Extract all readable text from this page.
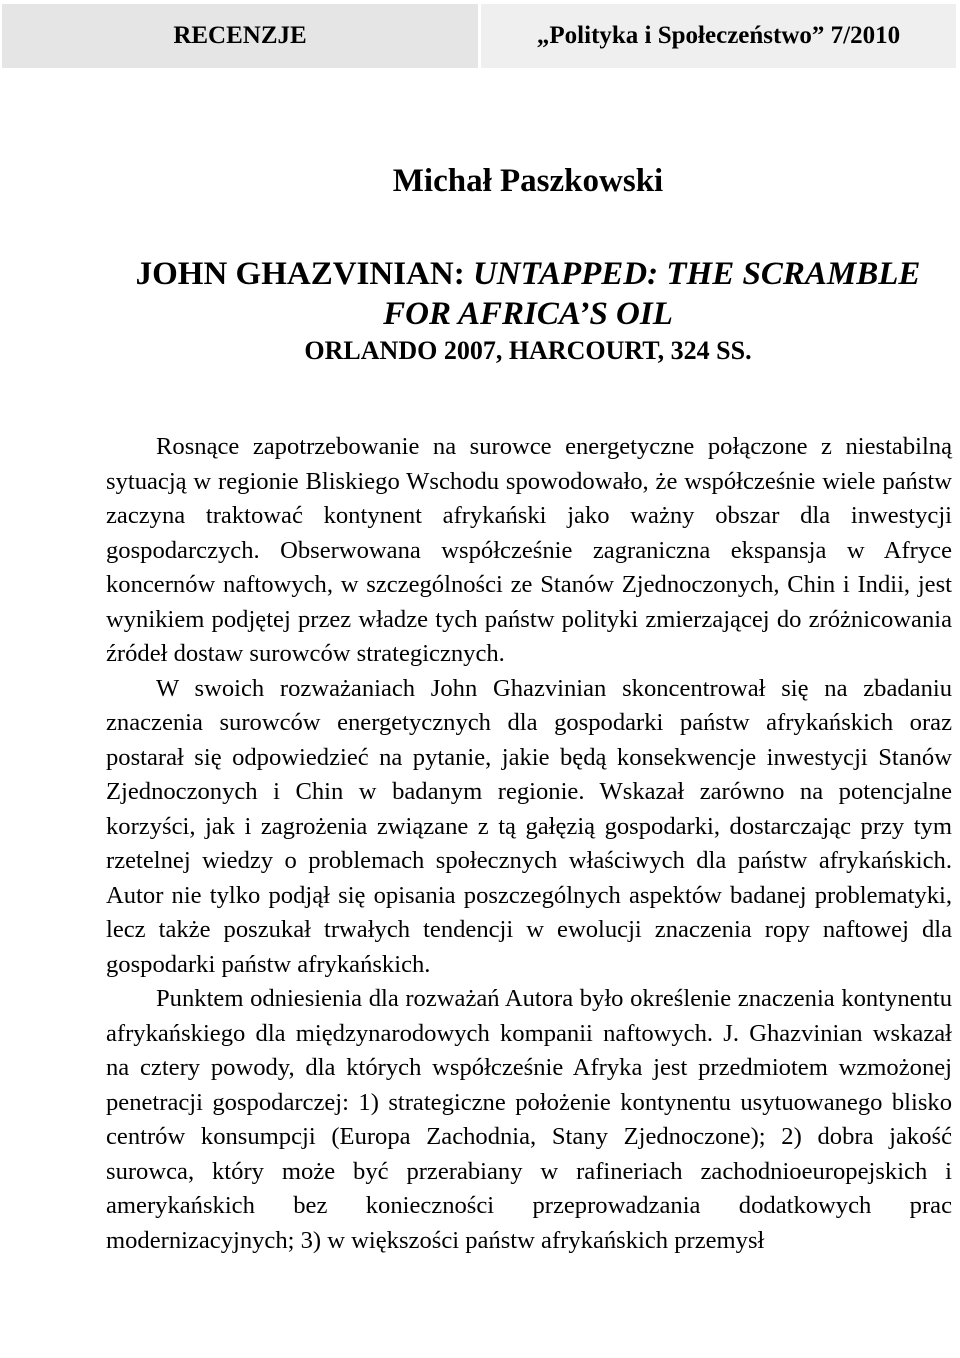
RECENZJE	„Polityka i Społeczeństwo” 7/2010
Michał Paszkowski
JOHN GHAZVINIAN: UNTAPPED: THE SCRAMBLE
FOR AFRICA’S OIL
ORLANDO 2007, HARCOURT, 324 SS.

Rosnące zapotrzebowanie na surowce energetyczne połączone z niestabilną sytuacją w regionie Bliskiego Wschodu spowodowało, że współcześnie wiele państw zaczyna traktować kontynent afrykański jako ważny obszar dla inwestycji gospodarczych. Obserwowana współcześnie zagraniczna ekspansja w Afryce koncernów naftowych, w szczególności ze Stanów Zjednoczonych, Chin i Indii, jest wynikiem podjętej przez władze tych państw polityki zmierzającej do zróżnicowania źródeł dostaw surowców strategicznych.

W swoich rozważaniach John Ghazvinian skoncentrował się na zbadaniu znaczenia surowców energetycznych dla gospodarki państw afrykańskich oraz postarał się odpowiedzieć na pytanie, jakie będą konsekwencje inwestycji Stanów Zjednoczonych i Chin w badanym regionie. Wskazał zarówno na potencjalne korzyści, jak i zagrożenia związane z tą gałęzią gospodarki, dostarczając przy tym rzetelnej wiedzy o problemach społecznych właściwych dla państw afrykańskich. Autor nie tylko podjął się opisania poszczególnych aspektów badanej problematyki, lecz także poszukał trwałych tendencji w ewolucji znaczenia ropy naftowej dla gospodarki państw afrykańskich.

Punktem odniesienia dla rozważań Autora było określenie znaczenia kontynentu afrykańskiego dla międzynarodowych kompanii naftowych. J. Ghazvinian wskazał na cztery powody, dla których współcześnie Afryka jest przedmiotem wzmożonej penetracji gospodarczej: 1) strategiczne położenie kontynentu usytuowanego blisko centrów konsumpcji (Europa Zachodnia, Stany Zjednoczone); 2) dobra jakość surowca, który może być przerabiany w rafineriach zachodnioeuropejskich i amerykańskich bez konieczności przeprowadzania dodatkowych prac modernizacyjnych; 3) w większości państw afrykańskich przemysł
